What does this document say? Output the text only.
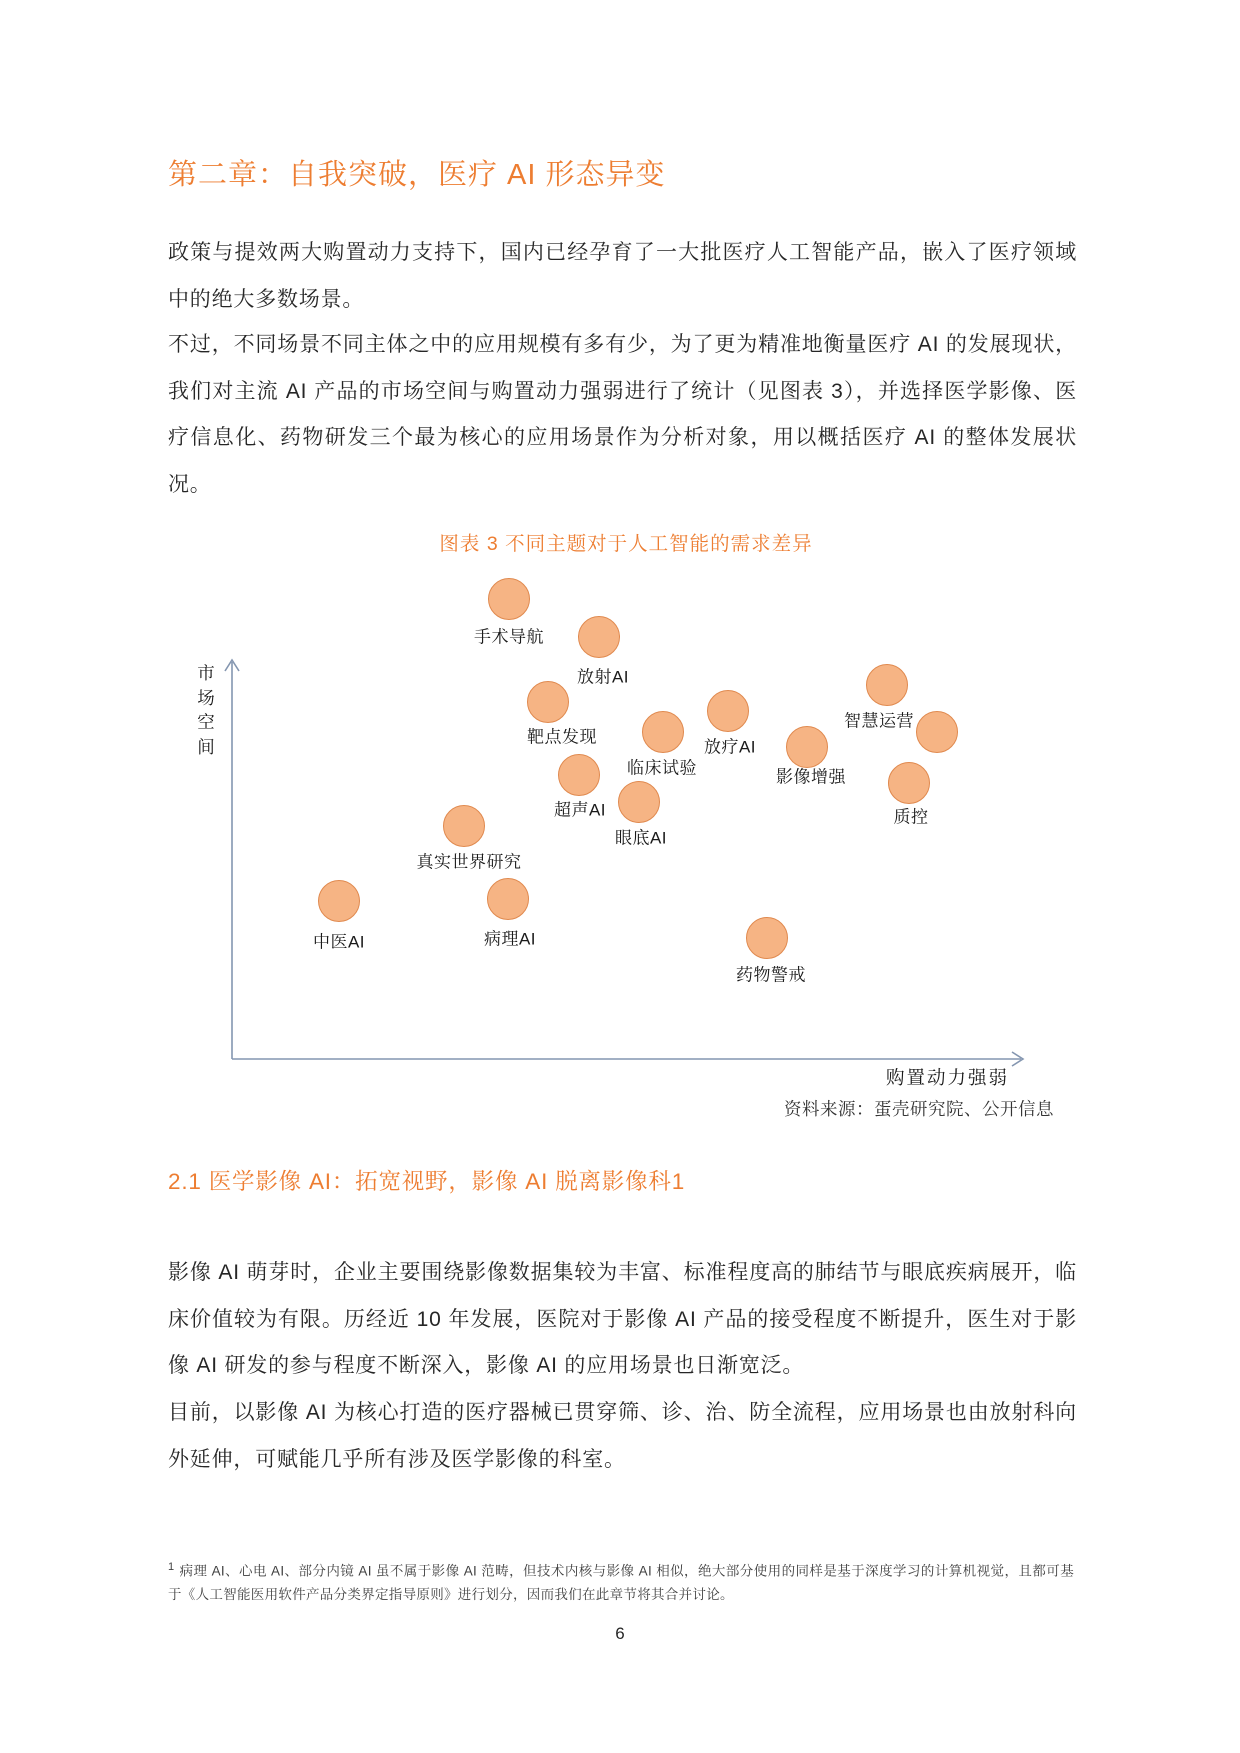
第二章：自我突破，医疗 AI 形态异变

政策与提效两大购置动力支持下，国内已经孕育了一大批医疗人工智能产品，嵌入了医疗领域中的绝大多数场景。

不过，不同场景不同主体之中的应用规模有多有少，为了更为精准地衡量医疗 AI 的发展现状，我们对主流 AI 产品的市场空间与购置动力强弱进行了统计（见图表 3），并选择医学影像、医疗信息化、药物研发三个最为核心的应用场景作为分析对象，用以概括医疗 AI 的整体发展状况。

图表 3 不同主题对于人工智能的需求差异
市场空间
购置动力强弱
手术导航
放射AI
靶点发现
临床试验
放疗AI
超声AI
眼底AI
真实世界研究
中医AI	病理AI
药物警戒
智慧运营
影像增强
质控
资料来源：蛋壳研究院、公开信息
2.1 医学影像 AI：拓宽视野，影像 AI 脱离影像科1

影像 AI 萌芽时，企业主要围绕影像数据集较为丰富、标准程度高的肺结节与眼底疾病展开，临床价值较为有限。历经近 10 年发展，医院对于影像 AI 产品的接受程度不断提升，医生对于影像 AI 研发的参与程度不断深入，影像 AI 的应用场景也日渐宽泛。

目前，以影像 AI 为核心打造的医疗器械已贯穿筛、诊、治、防全流程，应用场景也由放射科向外延伸，可赋能几乎所有涉及医学影像的科室。

$^1$ 病理 AI、心电 AI、部分内镜 AI 虽不属于影像 AI 范畴，但技术内核与影像 AI 相似，绝大部分使用的同样是基于深度学习的计算机视觉，且都可基于《人工智能医用软件产品分类界定指导原则》进行划分，因而我们在此章节将其合并讨论。
6
